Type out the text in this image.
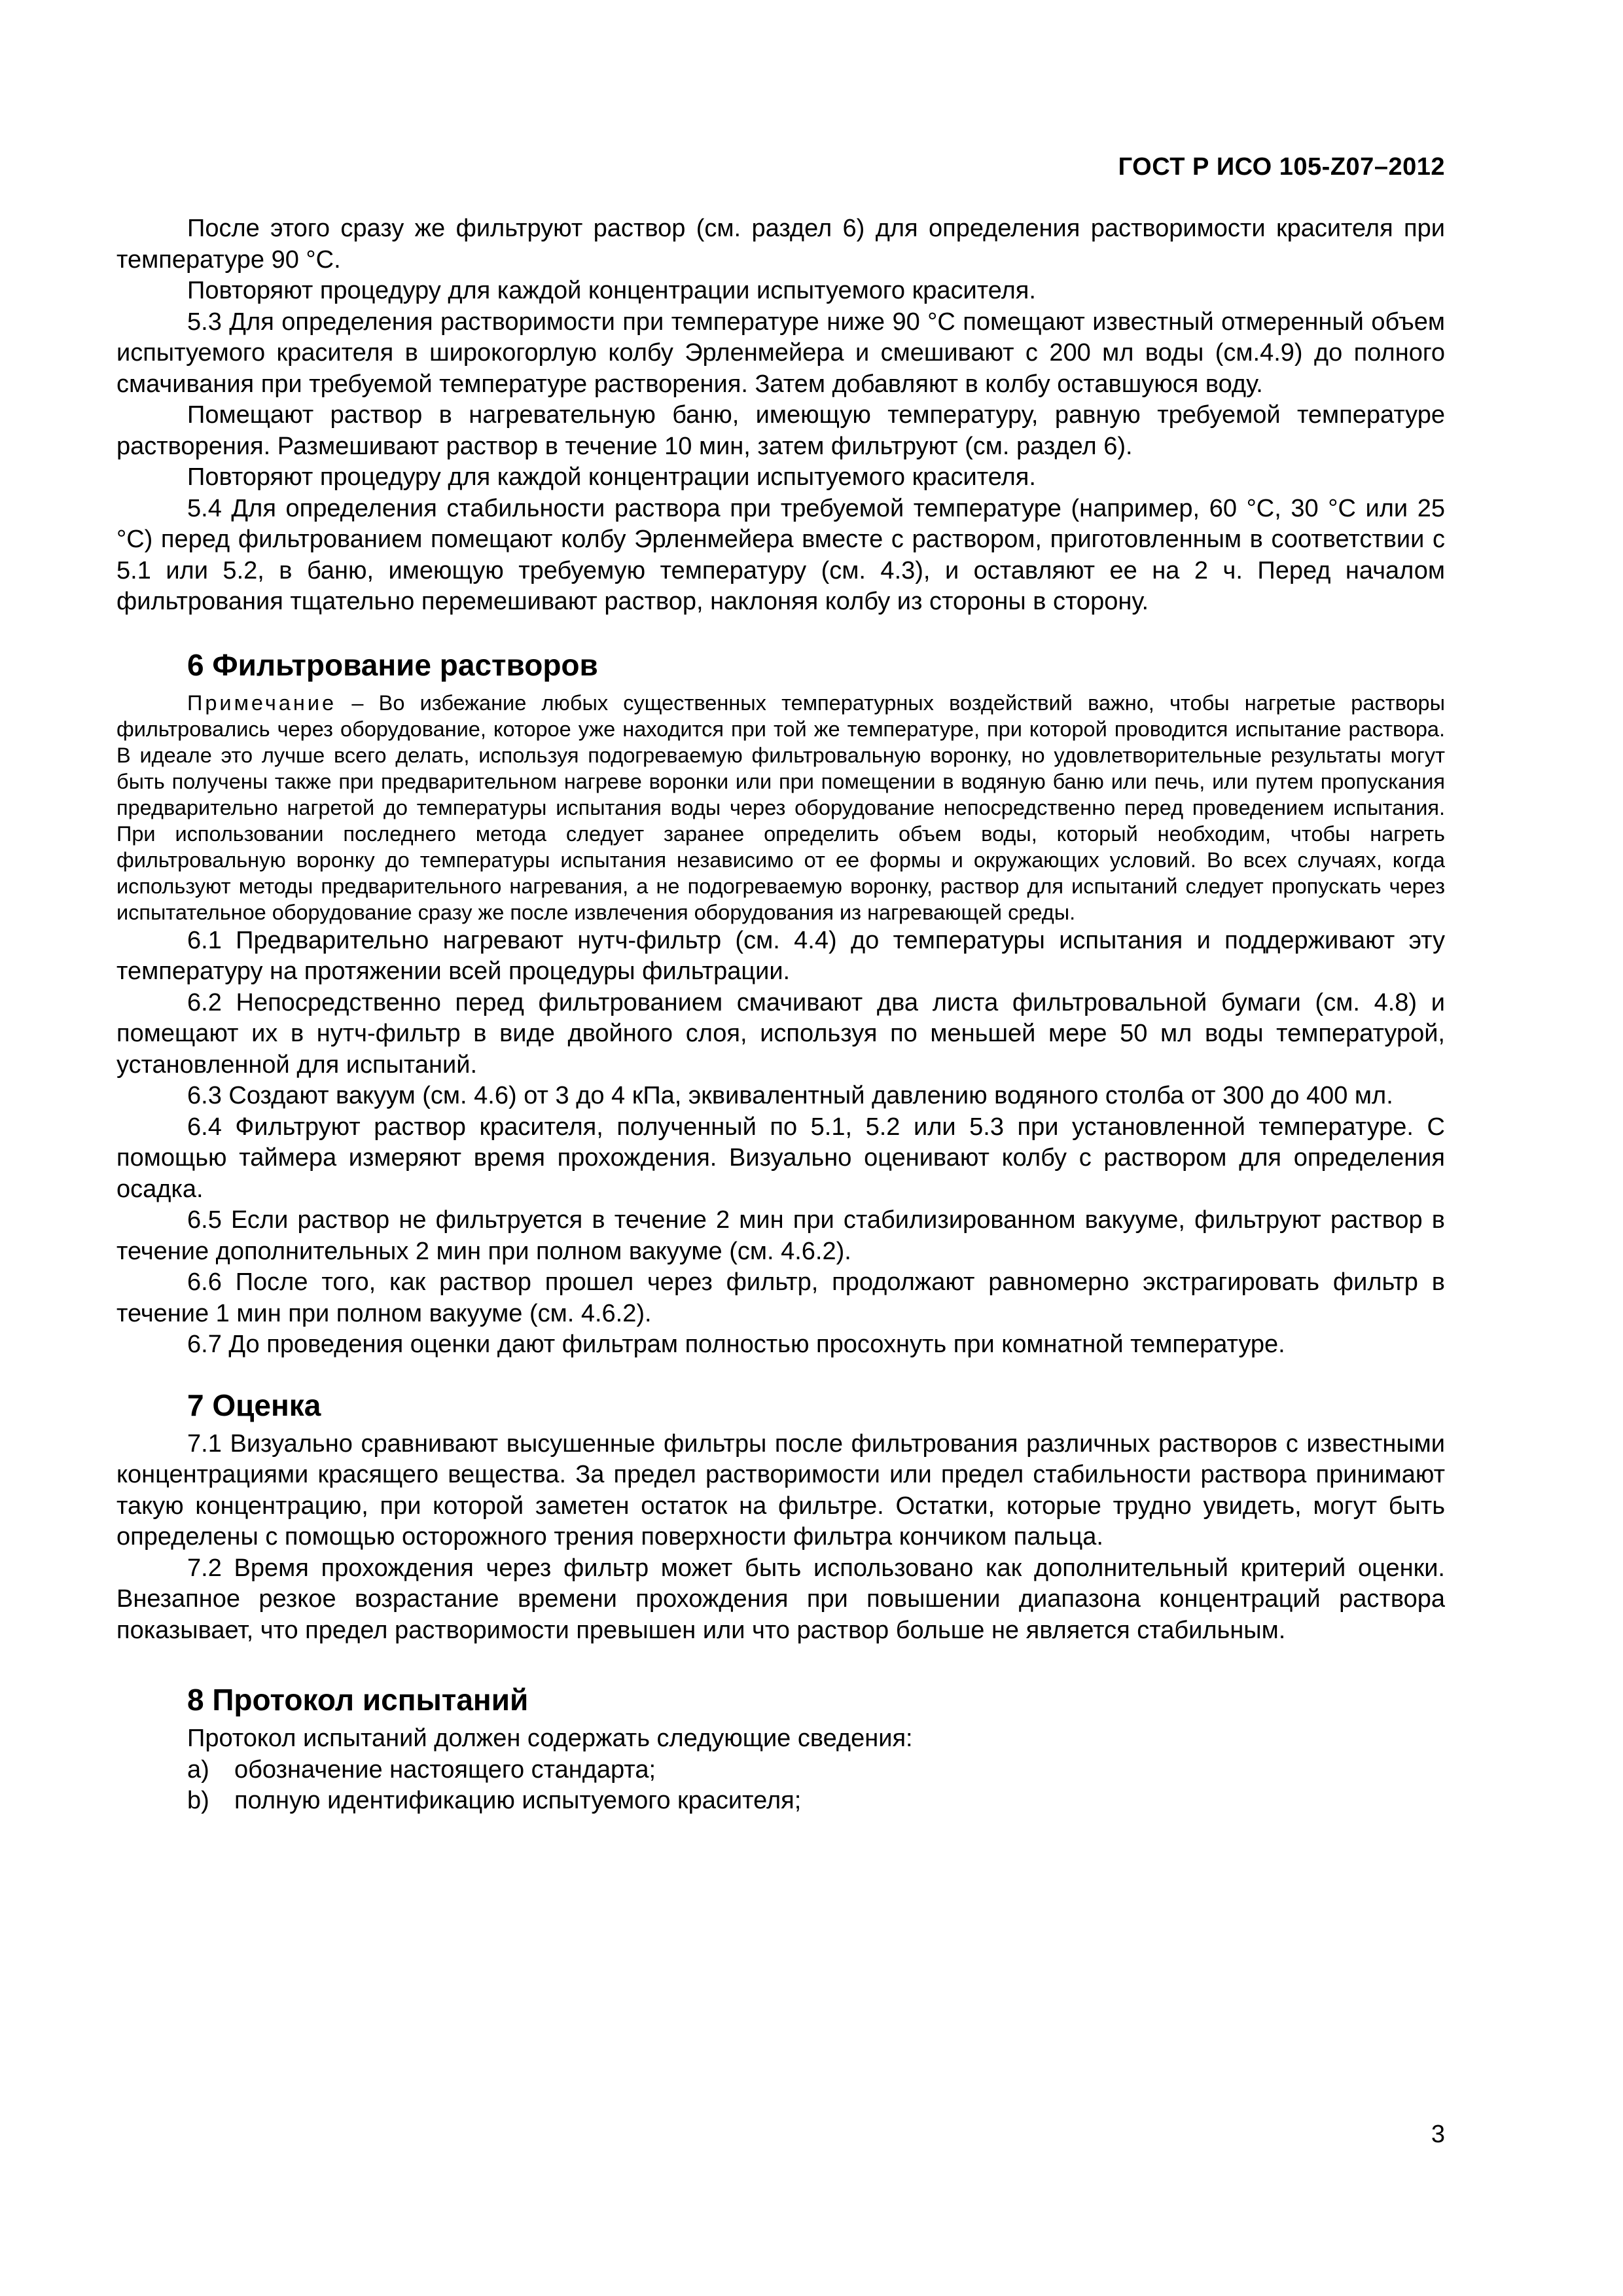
ГОСТ Р ИСО 105-Z07–2012

После этого сразу же фильтруют раствор (см. раздел 6) для определения растворимости красителя при температуре 90 °С.

Повторяют процедуру для каждой концентрации испытуемого красителя.

5.3 Для определения растворимости при температуре ниже 90 °С помещают известный отмеренный объем испытуемого красителя в широкогорлую колбу Эрленмейера и смешивают с 200 мл воды (см.4.9) до полного смачивания при требуемой температуре растворения. Затем добавляют в колбу оставшуюся воду.

Помещают раствор в нагревательную баню, имеющую температуру, равную требуемой температуре растворения. Размешивают раствор в течение 10 мин, затем фильтруют (см. раздел 6).

Повторяют процедуру для каждой концентрации испытуемого красителя.

5.4 Для определения стабильности раствора при требуемой температуре (например, 60 °С, 30 °С или 25 °С) перед фильтрованием помещают колбу Эрленмейера вместе с раствором, приготовленным в соответствии с 5.1 или 5.2, в баню, имеющую требуемую температуру (см. 4.3), и оставляют ее на 2 ч. Перед началом фильтрования тщательно перемешивают раствор, наклоняя колбу из стороны в сторону.

6 Фильтрование растворов

Примечание – Во избежание любых существенных температурных воздействий важно, чтобы нагретые растворы фильтровались через оборудование, которое уже находится при той же температуре, при которой проводится испытание раствора. В идеале это лучше всего делать, используя подогреваемую фильтровальную воронку, но удовлетворительные результаты могут быть получены также при предварительном нагреве воронки или при помещении в водяную баню или печь, или путем пропускания предварительно нагретой до температуры испытания воды через оборудование непосредственно перед проведением испытания. При использовании последнего метода следует заранее определить объем воды, который необходим, чтобы нагреть фильтровальную воронку до температуры испытания независимо от ее формы и окружающих условий. Во всех случаях, когда используют методы предварительного нагревания, а не подогреваемую воронку, раствор для испытаний следует пропускать через испытательное оборудование сразу же после извлечения оборудования из нагревающей среды.

6.1 Предварительно нагревают нутч-фильтр (см. 4.4) до температуры испытания и поддерживают эту температуру на протяжении всей процедуры фильтрации.

6.2 Непосредственно перед фильтрованием смачивают два листа фильтровальной бумаги (см. 4.8) и помещают их в нутч-фильтр в виде двойного слоя, используя по меньшей мере 50 мл воды температурой, установленной для испытаний.

6.3 Создают вакуум (см. 4.6) от 3 до 4 кПа, эквивалентный давлению водяного столба от 300 до 400 мл.

6.4 Фильтруют раствор красителя, полученный по 5.1, 5.2 или 5.3 при установленной температуре. С помощью таймера измеряют время прохождения. Визуально оценивают колбу с раствором для определения осадка.

6.5 Если раствор не фильтруется в течение 2 мин при стабилизированном вакууме, фильтруют раствор в течение дополнительных 2 мин при полном вакууме (см. 4.6.2).

6.6 После того, как раствор прошел через фильтр, продолжают равномерно экстрагировать фильтр в течение 1 мин при полном вакууме (см. 4.6.2).

6.7 До проведения оценки дают фильтрам полностью просохнуть при комнатной температуре.

7 Оценка

7.1 Визуально сравнивают высушенные фильтры после фильтрования различных растворов с известными концентрациями красящего вещества. За предел растворимости или предел стабильности раствора принимают такую концентрацию, при которой заметен остаток на фильтре. Остатки, которые трудно увидеть, могут быть определены с помощью осторожного трения поверхности фильтра кончиком пальца.

7.2 Время прохождения через фильтр может быть использовано как дополнительный критерий оценки. Внезапное резкое возрастание времени прохождения при повышении диапазона концентраций раствора показывает, что предел растворимости превышен или что раствор больше не является стабильным.

8 Протокол испытаний

Протокол испытаний должен содержать следующие сведения:

a)	обозначение настоящего стандарта;
b)	полную идентификацию испытуемого красителя;
3
